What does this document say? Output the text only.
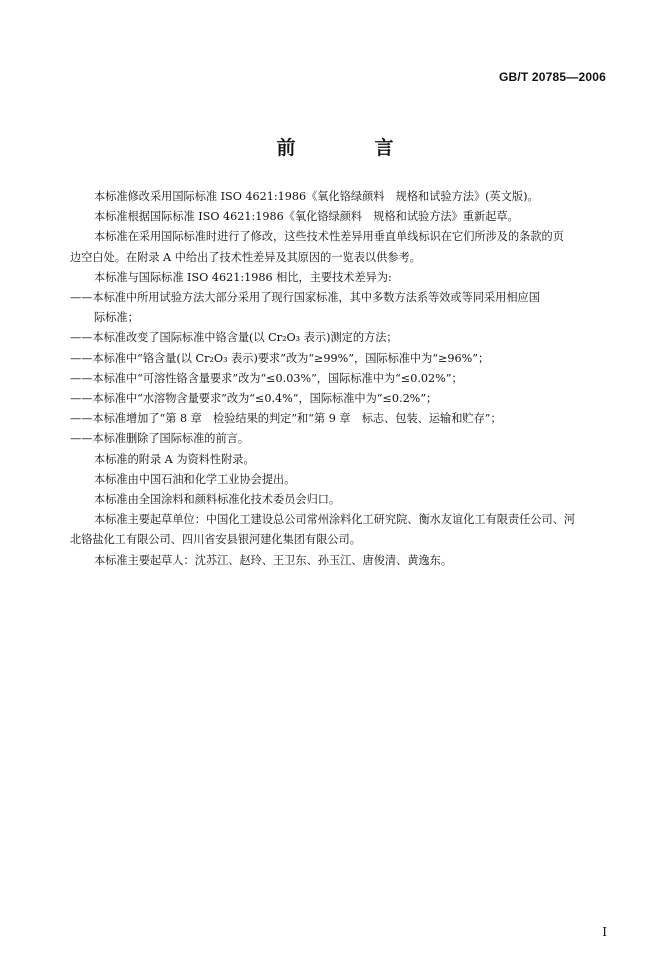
GB/T 20785—2006
前　言
本标准修改采用国际标准 ISO 4621:1986《氧化铬绿颜料　规格和试验方法》(英文版)。
本标准根据国际标准 ISO 4621:1986《氧化铬绿颜料　规格和试验方法》重新起草。
本标准在采用国际标准时进行了修改，这些技术性差异用垂直单线标识在它们所涉及的条款的页
边空白处。在附录 A 中给出了技术性差异及其原因的一览表以供参考。
本标准与国际标准 ISO 4621:1986 相比，主要技术差异为:
——本标准中所用试验方法大部分采用了现行国家标准，其中多数方法系等效或等同采用相应国
际标准；
——本标准改变了国际标准中铬含量(以 Cr₂O₃ 表示)测定的方法；
——本标准中“铬含量(以 Cr₂O₃ 表示)要求”改为“≥99%”，国际标准中为“≥96%”；
——本标准中“可溶性铬含量要求”改为“≤0.03%”，国际标准中为“≤0.02%”；
——本标准中“水溶物含量要求”改为“≤0.4%”，国际标准中为“≤0.2%”；
——本标准增加了“第 8 章　检验结果的判定”和“第 9 章　标志、包装、运输和贮存”；
——本标准删除了国际标准的前言。
本标准的附录 A 为资料性附录。
本标准由中国石油和化学工业协会提出。
本标准由全国涂料和颜料标准化技术委员会归口。
本标准主要起草单位：中国化工建设总公司常州涂料化工研究院、衡水友谊化工有限责任公司、河
北铬盐化工有限公司、四川省安县银河建化集团有限公司。
本标准主要起草人：沈苏江、赵玲、王卫东、孙玉江、唐俊清、黄逸东。
I
